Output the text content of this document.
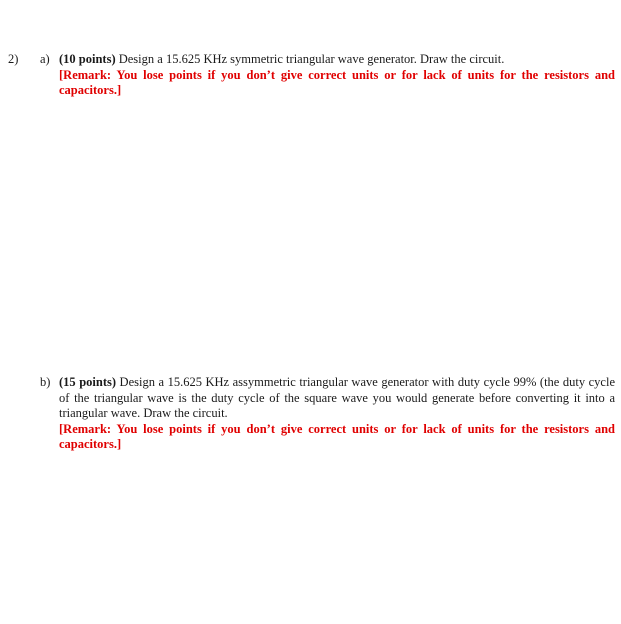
2) a) (10 points) Design a 15.625 KHz symmetric triangular wave generator. Draw the circuit.
[Remark: You lose points if you don’t give correct units or for lack of units for the resistors and capacitors.]
b) (15 points) Design a 15.625 KHz assymmetric triangular wave generator with duty cycle 99% (the duty cycle of the triangular wave is the duty cycle of the square wave you would generate before converting it into a triangular wave. Draw the circuit.
[Remark: You lose points if you don’t give correct units or for lack of units for the resistors and capacitors.]
